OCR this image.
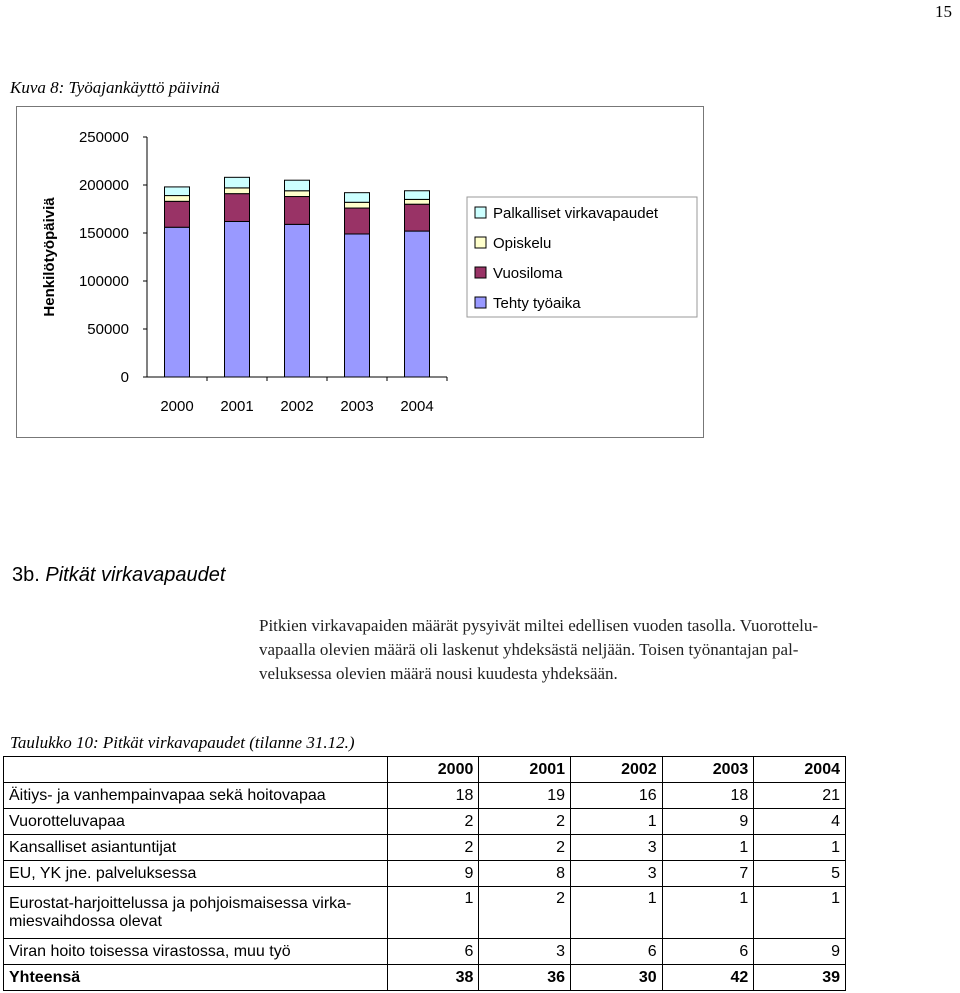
15
Kuva 8: Työajankäyttö päivinä
0
50000
100000
150000
200000
250000
Henkilötyöpäiviä
2000 2001 2002 2003 2004
Palkalliset virkavapaudet
Opiskelu
Vuosiloma
Tehty työaika
3b. Pitkät virkavapaudet
Pitkien virkavapaiden määrät pysyivät miltei edellisen vuoden tasolla. Vuorottelu-
vapaalla olevien määrä oli laskenut yhdeksästä neljään. Toisen työnantajan pal-
veluksessa olevien määrä nousi kuudesta yhdeksään.
Taulukko 10: Pitkät virkavapaudet (tilanne 31.12.)
	2000	2001	2002	2003	2004
Äitiys- ja vanhempainvapaa sekä hoitovapaa	18	19	16	18	21
Vuorotteluvapaa	2	2	1	9	4
Kansalliset asiantuntijat	2	2	3	1	1
EU, YK jne. palveluksessa	9	8	3	7	5

Eurostat-harjoittelussa ja pohjoismaisessa virka-
miesvaihdossa olevat	1	2	1	1	1
Viran hoito toisessa virastossa, muu työ	6	3	6	6	9
Yhteensä	38	36	30	42	39
